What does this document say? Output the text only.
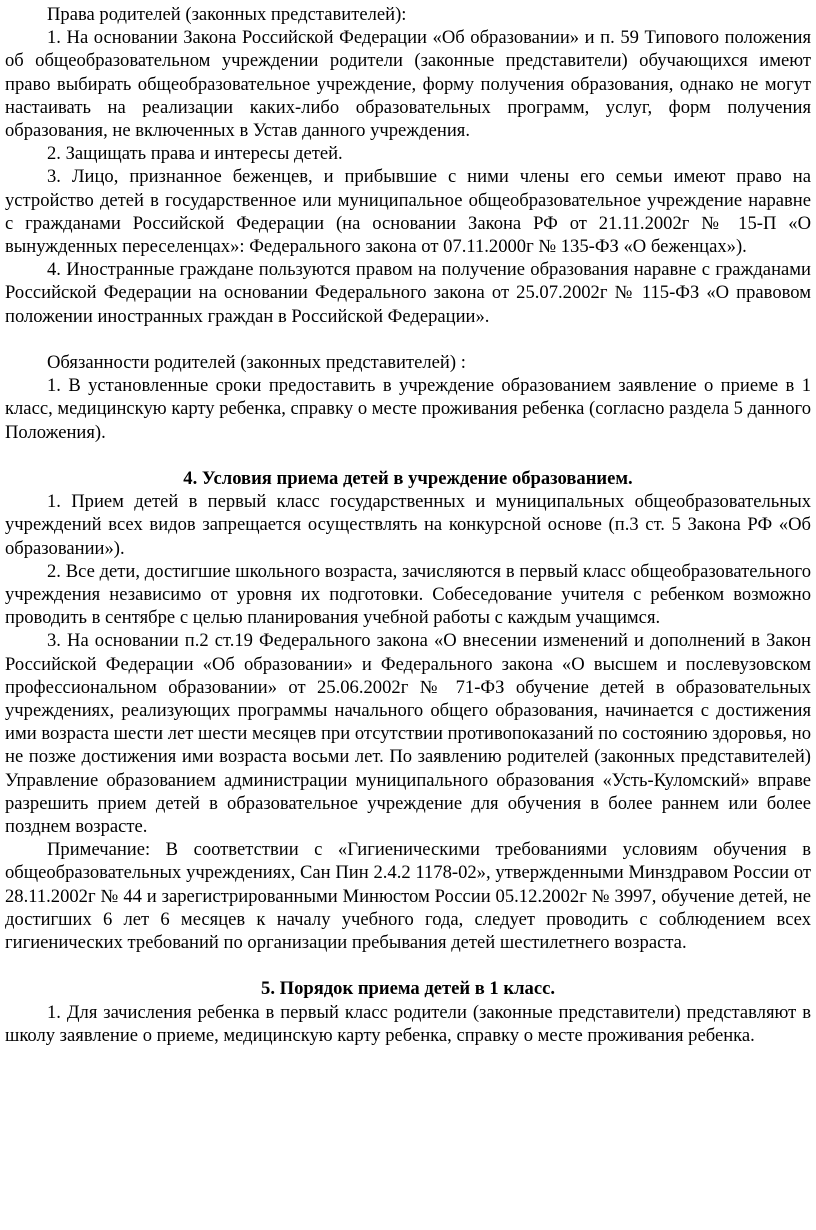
Права родителей (законных представителей):

1. На основании Закона Российской Федерации «Об образовании» и п. 59 Типового положения об общеобразовательном учреждении родители (законные представители) обучающихся имеют право выбирать общеобразовательное учреждение, форму получения образования, однако не могут настаивать на реализации каких-либо образовательных программ, услуг, форм получения образования, не включенных в Устав данного учреждения.

2. Защищать права и интересы детей.

3. Лицо, признанное беженцев, и прибывшие с ними члены его семьи имеют право на устройство детей в государственное или муниципальное общеобразовательное учреждение наравне с гражданами Российской Федерации (на основании Закона РФ от 21.11.2002г № 15-П «О вынужденных переселенцах»: Федерального закона от 07.11.2000г № 135-ФЗ «О беженцах»).

4. Иностранные граждане пользуются правом на получение образования наравне с гражданами Российской Федерации на основании Федерального закона от 25.07.2002г № 115-ФЗ «О правовом положении иностранных граждан в Российской Федерации».

Обязанности родителей (законных представителей) :

1. В установленные сроки предоставить в учреждение образованием заявление о приеме в 1 класс, медицинскую карту ребенка, справку о месте проживания ребенка (согласно раздела 5 данного Положения).

4. Условия приема детей в учреждение образованием.

1. Прием детей в первый класс государственных и муниципальных общеобразовательных учреждений всех видов запрещается осуществлять на конкурсной основе (п.3 ст. 5 Закона РФ «Об образовании»).

2. Все дети, достигшие школьного возраста, зачисляются в первый класс общеобразовательного учреждения независимо от уровня их подготовки. Собеседование учителя с ребенком возможно проводить в сентябре с целью планирования учебной работы с каждым учащимся.

3. На основании п.2 ст.19 Федерального закона «О внесении изменений и дополнений в Закон Российской Федерации «Об образовании» и Федерального закона «О высшем и послевузовском профессиональном образовании» от 25.06.2002г № 71-ФЗ обучение детей в образовательных учреждениях, реализующих программы начального общего образования, начинается с достижения ими возраста шести лет шести месяцев при отсутствии противопоказаний по состоянию здоровья, но не позже достижения ими возраста восьми лет. По заявлению родителей (законных представителей) Управление образованием администрации муниципального образования «Усть-Куломский» вправе разрешить прием детей в образовательное учреждение для обучения в более раннем или более позднем возрасте.

Примечание: В соответствии с «Гигиеническими требованиями условиям обучения в общеобразовательных учреждениях, Сан Пин 2.4.2 1178-02», утвержденными Минздравом России от 28.11.2002г № 44 и зарегистрированными Минюстом России 05.12.2002г № 3997, обучение детей, не достигших 6 лет 6 месяцев к началу учебного года, следует проводить с соблюдением всех гигиенических требований по организации пребывания детей шестилетнего возраста.

5. Порядок приема детей в 1 класс.

1. Для зачисления ребенка в первый класс родители (законные представители) представляют в школу заявление о приеме, медицинскую карту ребенка, справку о месте проживания ребенка.
